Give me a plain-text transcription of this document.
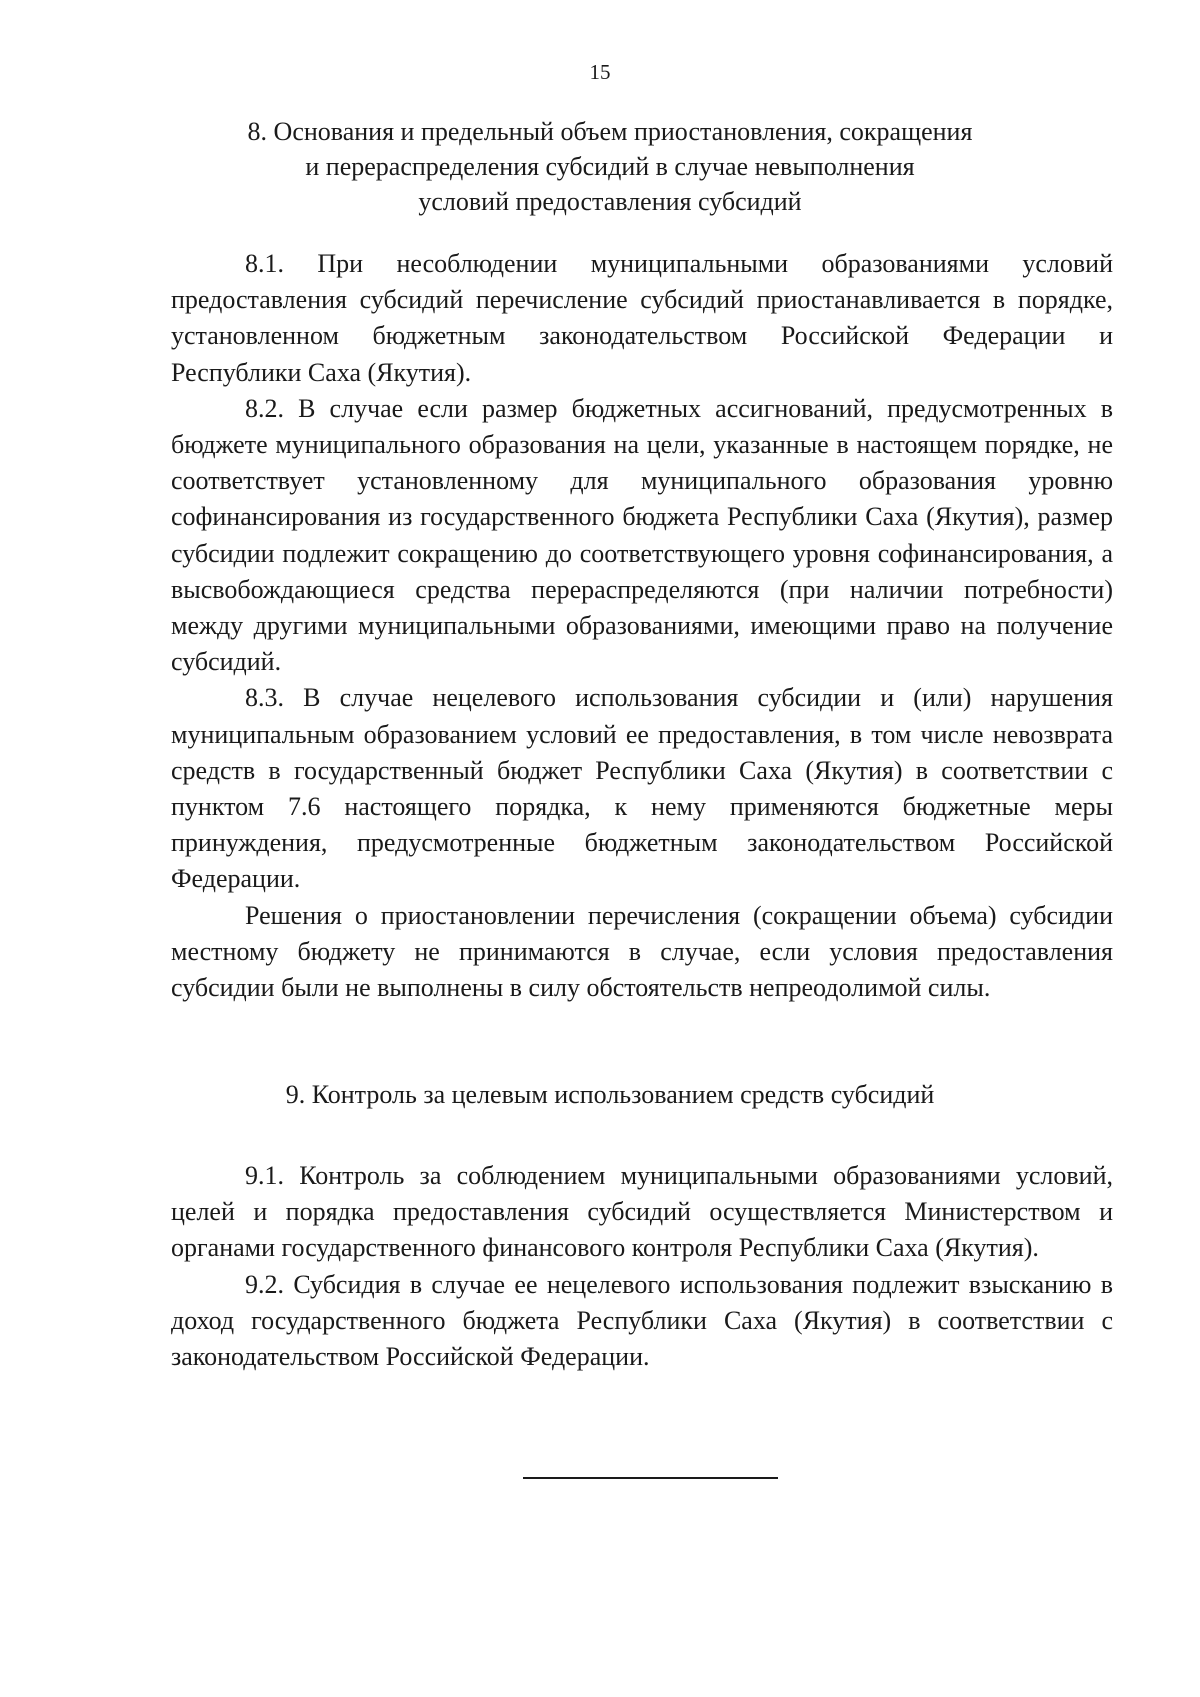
15
8. Основания и предельный объем приостановления, сокращения
и перераспределения субсидий в случае невыполнения
условий предоставления субсидий

8.1. При несоблюдении муниципальными образованиями условий предоставления субсидий перечисление субсидий приостанавливается в порядке, установленном бюджетным законодательством Российской Федерации и Республики Саха (Якутия).

8.2. В случае если размер бюджетных ассигнований, предусмотренных в бюджете муниципального образования на цели, указанные в настоящем порядке, не соответствует установленному для муниципального образования уровню софинансирования из государственного бюджета Республики Саха (Якутия), размер субсидии подлежит сокращению до соответствующего уровня софинансирования, а высвобождающиеся средства перераспределяются (при наличии потребности) между другими муниципальными образованиями, имеющими право на получение субсидий.

8.3. В случае нецелевого использования субсидии и (или) нарушения муниципальным образованием условий ее предоставления, в том числе невозврата средств в государственный бюджет Республики Саха (Якутия) в соответствии с пунктом 7.6 настоящего порядка, к нему применяются бюджетные меры принуждения, предусмотренные бюджетным законодательством Российской Федерации.

Решения о приостановлении перечисления (сокращении объема) субсидии местному бюджету не принимаются в случае, если условия предоставления субсидии были не выполнены в силу обстоятельств непреодолимой силы.

9. Контроль за целевым использованием средств субсидий

9.1. Контроль за соблюдением муниципальными образованиями условий, целей и порядка предоставления субсидий осуществляется Министерством и органами государственного финансового контроля Республики Саха (Якутия).

9.2. Субсидия в случае ее нецелевого использования подлежит взысканию в доход государственного бюджета Республики Саха (Якутия) в соответствии с законодательством Российской Федерации.
